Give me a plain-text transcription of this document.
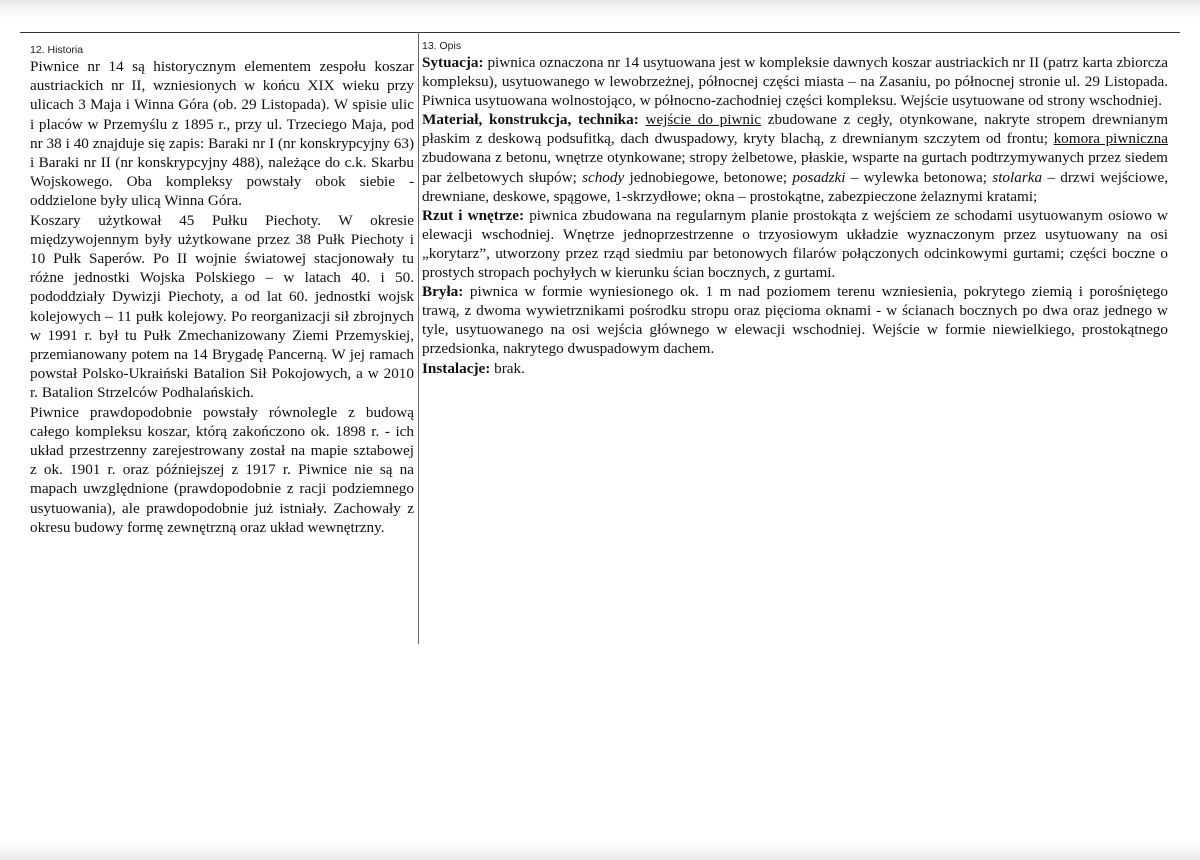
12. Historia

Piwnice nr 14 są historycznym elementem zespołu koszar austriackich nr II, wzniesionych w końcu XIX wieku przy ulicach 3 Maja i Winna Góra (ob. 29 Listopada). W spisie ulic i placów w Przemyślu z 1895 r., przy ul. Trzeciego Maja, pod nr 38 i 40 znajduje się zapis: Baraki nr I (nr konskrypcyjny 63) i Baraki nr II (nr konskrypcyjny 488), należące do c.k. Skarbu Wojskowego. Oba kompleksy powstały obok siebie - oddzielone były ulicą Winna Góra.

Koszary użytkował 45 Pułku Piechoty. W okresie międzywojennym były użytkowane przez 38 Pułk Piechoty i 10 Pułk Saperów. Po II wojnie światowej stacjonowały tu różne jednostki Wojska Polskiego – w latach 40. i 50. pododdziały Dywizji Piechoty, a od lat 60. jednostki wojsk kolejowych – 11 pułk kolejowy. Po reorganizacji sił zbrojnych w 1991 r. był tu Pułk Zmechanizowany Ziemi Przemyskiej, przemianowany potem na 14 Brygadę Pancerną. W jej ramach powstał Polsko-Ukraiński Batalion Sił Pokojowych, a w 2010 r. Batalion Strzelców Podhalańskich.

Piwnice prawdopodobnie powstały równolegle z budową całego kompleksu koszar, którą zakończono ok. 1898 r. - ich układ przestrzenny zarejestrowany został na mapie sztabowej z ok. 1901 r. oraz późniejszej z 1917 r. Piwnice nie są na mapach uwzględnione (prawdopodobnie z racji podziemnego usytuowania), ale prawdopodobnie już istniały. Zachowały z okresu budowy formę zewnętrzną oraz układ wewnętrzny.

13. Opis

Sytuacja: piwnica oznaczona nr 14 usytuowana jest w kompleksie dawnych koszar austriackich nr II (patrz karta zbiorcza kompleksu), usytuowanego w lewobrzeżnej, północnej części miasta – na Zasaniu, po północnej stronie ul. 29 Listopada. Piwnica usytuowana wolnostojąco, w północno-zachodniej części kompleksu. Wejście usytuowane od strony wschodniej.

Materiał, konstrukcja, technika: wejście do piwnic zbudowane z cegły, otynkowane, nakryte stropem drewnianym płaskim z deskową podsufitką, dach dwuspadowy, kryty blachą, z drewnianym szczytem od frontu; komora piwniczna zbudowana z betonu, wnętrze otynkowane; stropy żelbetowe, płaskie, wsparte na gurtach podtrzymywanych przez siedem par żelbetowych słupów; schody jednobiegowe, betonowe; posadzki – wylewka betonowa; stolarka – drzwi wejściowe, drewniane, deskowe, spągowe, 1-skrzydłowe; okna – prostokątne, zabezpieczone żelaznymi kratami;

Rzut i wnętrze: piwnica zbudowana na regularnym planie prostokąta z wejściem ze schodami usytuowanym osiowo w elewacji wschodniej. Wnętrze jednoprzestrzenne o trzyosiowym układzie wyznaczonym przez usytuowany na osi „korytarz”, utworzony przez rząd siedmiu par betonowych filarów połączonych odcinkowymi gurtami; części boczne o prostych stropach pochyłych w kierunku ścian bocznych, z gurtami.

Bryła: piwnica w formie wyniesionego ok. 1 m nad poziomem terenu wzniesienia, pokrytego ziemią i porośniętego trawą, z dwoma wywietrznikami pośrodku stropu oraz pięcioma oknami - w ścianach bocznych po dwa oraz jednego w tyle, usytuowanego na osi wejścia głównego w elewacji wschodniej. Wejście w formie niewielkiego, prostokątnego przedsionka, nakrytego dwuspadowym dachem.

Instalacje: brak.
